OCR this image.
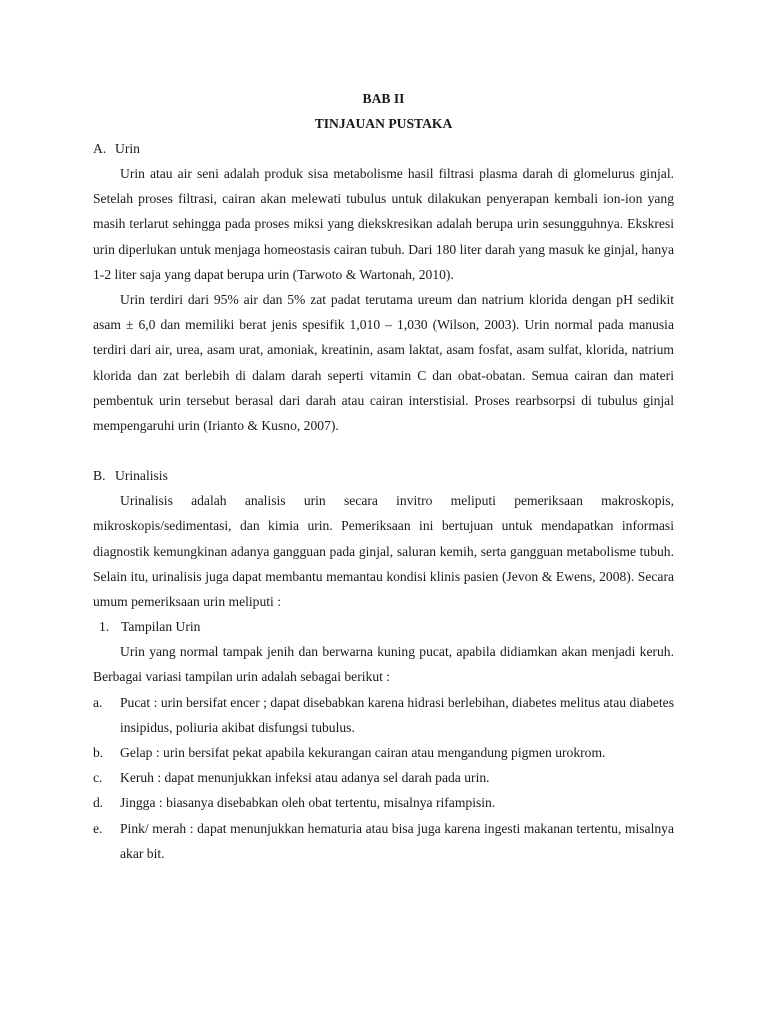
BAB II
TINJAUAN PUSTAKA
A. Urin

Urin atau air seni adalah produk sisa metabolisme hasil filtrasi plasma darah di glomelurus ginjal. Setelah proses filtrasi, cairan akan melewati tubulus untuk dilakukan penyerapan kembali ion-ion yang masih terlarut sehingga pada proses miksi yang diekskresikan adalah berupa urin sesungguhnya. Ekskresi urin diperlukan untuk menjaga homeostasis cairan tubuh. Dari 180 liter darah yang masuk ke ginjal, hanya 1-2 liter saja yang dapat berupa urin (Tarwoto & Wartonah, 2010).

Urin terdiri dari 95% air dan 5% zat padat terutama ureum dan natrium klorida dengan pH sedikit asam ± 6,0 dan memiliki berat jenis spesifik 1,010 – 1,030 (Wilson, 2003). Urin normal pada manusia terdiri dari air, urea, asam urat, amoniak, kreatinin, asam laktat, asam fosfat, asam sulfat, klorida, natrium klorida dan zat berlebih di dalam darah seperti vitamin C dan obat-obatan. Semua cairan dan materi pembentuk urin tersebut berasal dari darah atau cairan interstisial. Proses rearbsorpsi di tubulus ginjal mempengaruhi urin (Irianto & Kusno, 2007).

B. Urinalisis

Urinalisis adalah analisis urin secara invitro meliputi pemeriksaan makroskopis, mikroskopis/sedimentasi, dan kimia urin. Pemeriksaan ini bertujuan untuk mendapatkan informasi diagnostik kemungkinan adanya gangguan pada ginjal, saluran kemih, serta gangguan metabolisme tubuh. Selain itu, urinalisis juga dapat membantu memantau kondisi klinis pasien (Jevon & Ewens, 2008). Secara umum pemeriksaan urin meliputi :

1. Tampilan Urin

Urin yang normal tampak jenih dan berwarna kuning pucat, apabila didiamkan akan menjadi keruh. Berbagai variasi tampilan urin adalah sebagai berikut :

a. Pucat : urin bersifat encer ; dapat disebabkan karena hidrasi berlebihan, diabetes melitus atau diabetes insipidus, poliuria akibat disfungsi tubulus.
b. Gelap : urin bersifat pekat apabila kekurangan cairan atau mengandung pigmen urokrom.
c. Keruh : dapat menunjukkan infeksi atau adanya sel darah pada urin.
d. Jingga : biasanya disebabkan oleh obat tertentu, misalnya rifampisin.
e. Pink/ merah : dapat menunjukkan hematuria atau bisa juga karena ingesti makanan tertentu, misalnya akar bit.
